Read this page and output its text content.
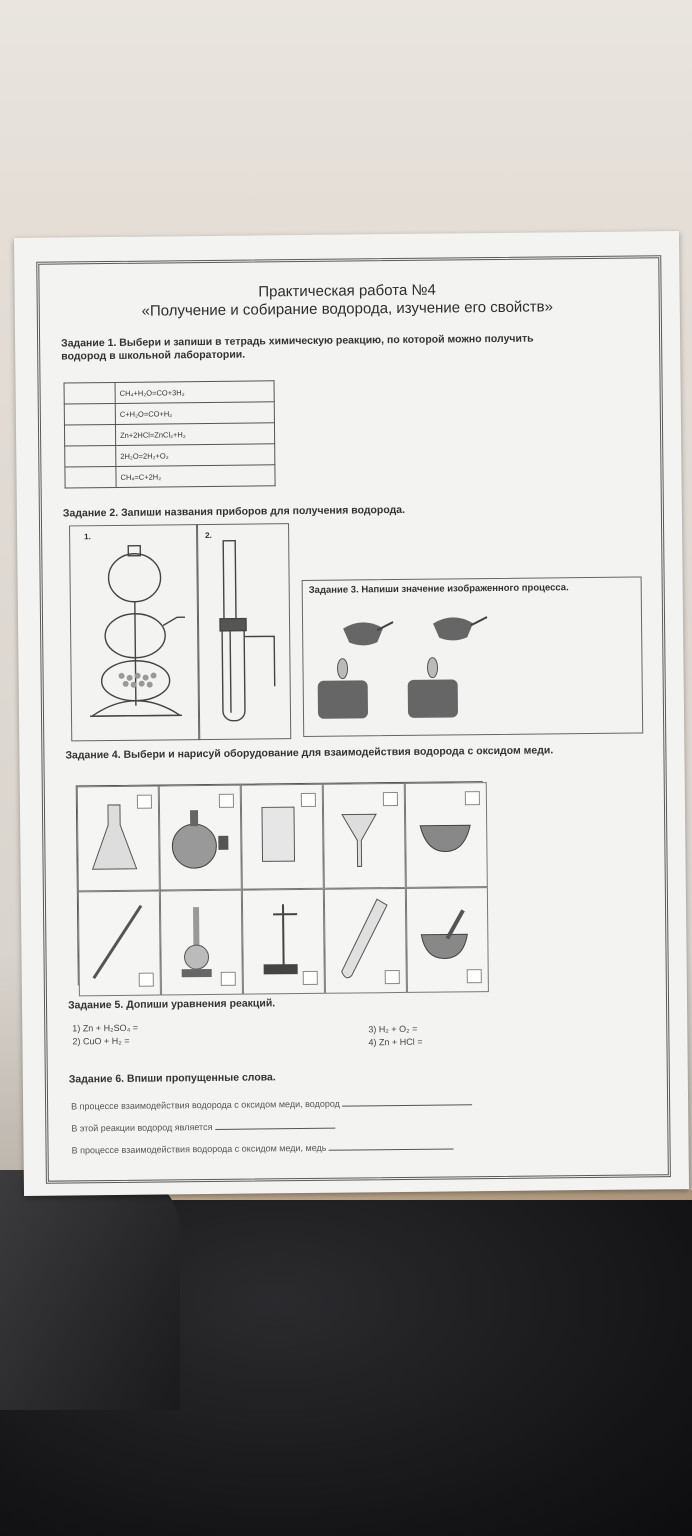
Практическая работа №4
«Получение и собирание водорода, изучение его свойств»
Задание 1. Выбери и запиши в тетрадь химическую реакцию, по которой можно получить
водород в школьной лаборатории.
	CH₄+H₂O=CO+3H₂
	C+H₂O=CO+H₂
	Zn+2HCl=ZnCl₂+H₂
	2H₂O=2H₂+O₂
	CH₄=C+2H₂
Задание 2. Запиши названия приборов для получения водорода.
1.	2.
Задание 3. Напиши значение изображенного процесса.
Задание 4. Выбери и нарисуй оборудование для взаимодействия водорода с оксидом меди.
Задание 5. Допиши уравнения реакций.
1) Zn + H₂SO₄ =
2) CuO + H₂ =
3) H₂ + O₂ =
4) Zn + HCl =
Задание 6. Впиши пропущенные слова.
В процессе взаимодействия водорода с оксидом меди, водород
В этой реакции водород является
В процессе взаимодействия водорода с оксидом меди, медь
